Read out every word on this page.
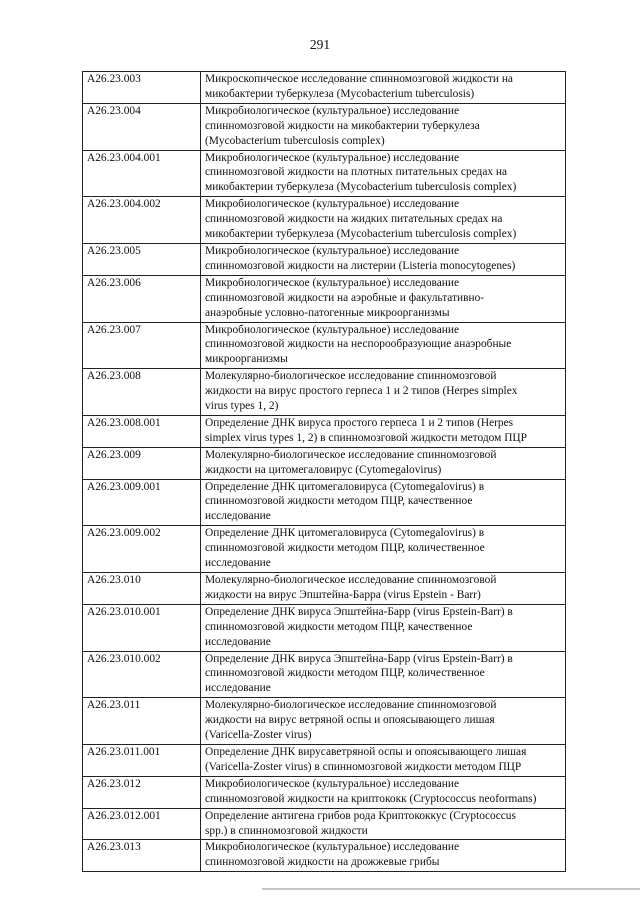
291
A26.23.003	Микроскопическое исследование спинномозговой жидкости на
микобактерии туберкулеза (Mycobacterium tuberculosis)

A26.23.004	Микробиологическое (культуральное) исследование
спинномозговой жидкости на микобактерии туберкулеза
(Mycobacterium tuberculosis complex)

A26.23.004.001	Микробиологическое (культуральное) исследование
спинномозговой жидкости на плотных питательных средах на
микобактерии туберкулеза (Mycobacterium tuberculosis complex)

A26.23.004.002	Микробиологическое (культуральное) исследование
спинномозговой жидкости на жидких питательных средах на
микобактерии туберкулеза (Mycobacterium tuberculosis complex)

A26.23.005	Микробиологическое (культуральное) исследование
спинномозговой жидкости на листерии (Listeria monocytogenes)

A26.23.006	Микробиологическое (культуральное) исследование
спинномозговой жидкости на аэробные и факультативно-
анаэробные условно-патогенные микроорганизмы

A26.23.007	Микробиологическое (культуральное) исследование
спинномозговой жидкости на неспорообразующие анаэробные
микроорганизмы

A26.23.008	Молекулярно-биологическое исследование спинномозговой
жидкости на вирус простого герпеса 1 и 2 типов (Herpes simplex
virus types 1, 2)

A26.23.008.001	Определение ДНК вируса простого герпеса 1 и 2 типов (Herpes
simplex virus types 1, 2) в спинномозговой жидкости методом ПЦР

A26.23.009	Молекулярно-биологическое исследование спинномозговой
жидкости на цитомегаловирус (Cytomegalovirus)

A26.23.009.001	Определение ДНК цитомегаловируса (Cytomegalovirus) в
спинномозговой жидкости методом ПЦР, качественное
исследование

A26.23.009.002	Определение ДНК цитомегаловируса (Cytomegalovirus) в
спинномозговой жидкости методом ПЦР, количественное
исследование

A26.23.010	Молекулярно-биологическое исследование спинномозговой
жидкости на вирус Эпштейна-Барра (virus Epstein - Barr)

A26.23.010.001	Определение ДНК вируса Эпштейна-Барр (virus Epstein-Barr) в
спинномозговой жидкости методом ПЦР, качественное
исследование

A26.23.010.002	Определение ДНК вируса Эпштейна-Барр (virus Epstein-Barr) в
спинномозговой жидкости методом ПЦР, количественное
исследование

A26.23.011	Молекулярно-биологическое исследование спинномозговой
жидкости на вирус ветряной оспы и опоясывающего лишая
(Varicella-Zoster virus)

A26.23.011.001	Определение ДНК вирусаветряной оспы и опоясывающего лишая
(Varicella-Zoster virus) в спинномозговой жидкости методом ПЦР

A26.23.012	Микробиологическое (культуральное) исследование
спинномозговой жидкости на криптококк (Cryptococcus neoformans)

A26.23.012.001	Определение антигена грибов рода Криптококкус (Cryptococcus
spp.) в спинномозговой жидкости

A26.23.013	Микробиологическое (культуральное) исследование
спинномозговой жидкости на дрожжевые грибы
